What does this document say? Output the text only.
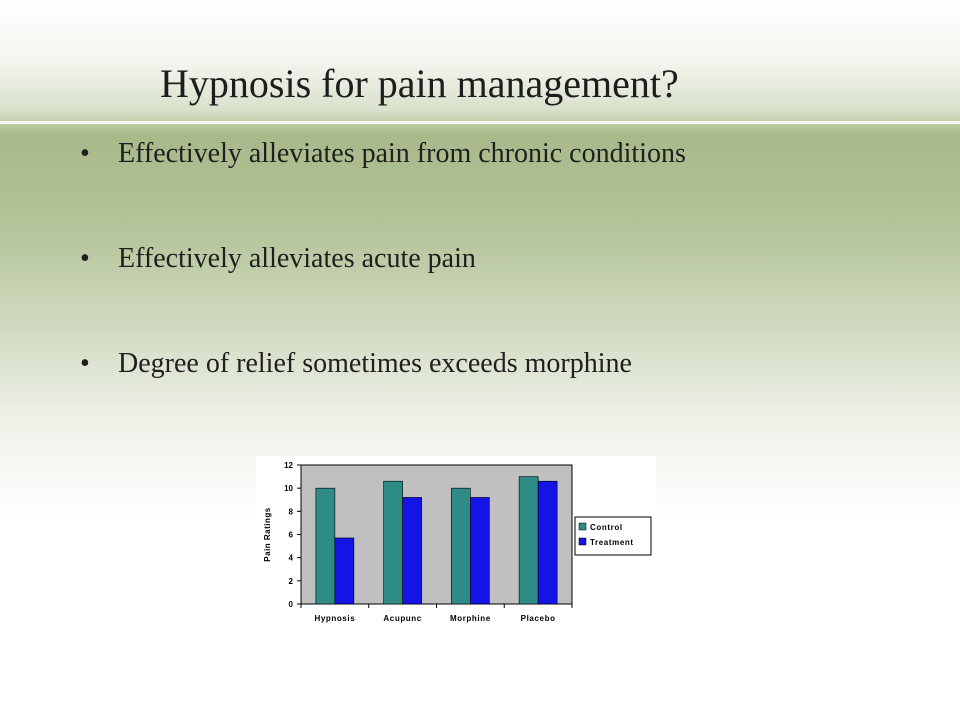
Hypnosis for pain management?
• Effectively alleviates pain from chronic conditions
• Effectively alleviates acute pain
• Degree of relief sometimes exceeds morphine
0
2
4
6
8
10
12
Pain Ratings
Hypnosis	Acupunc	Morphine	Placebo
Control
Treatment
